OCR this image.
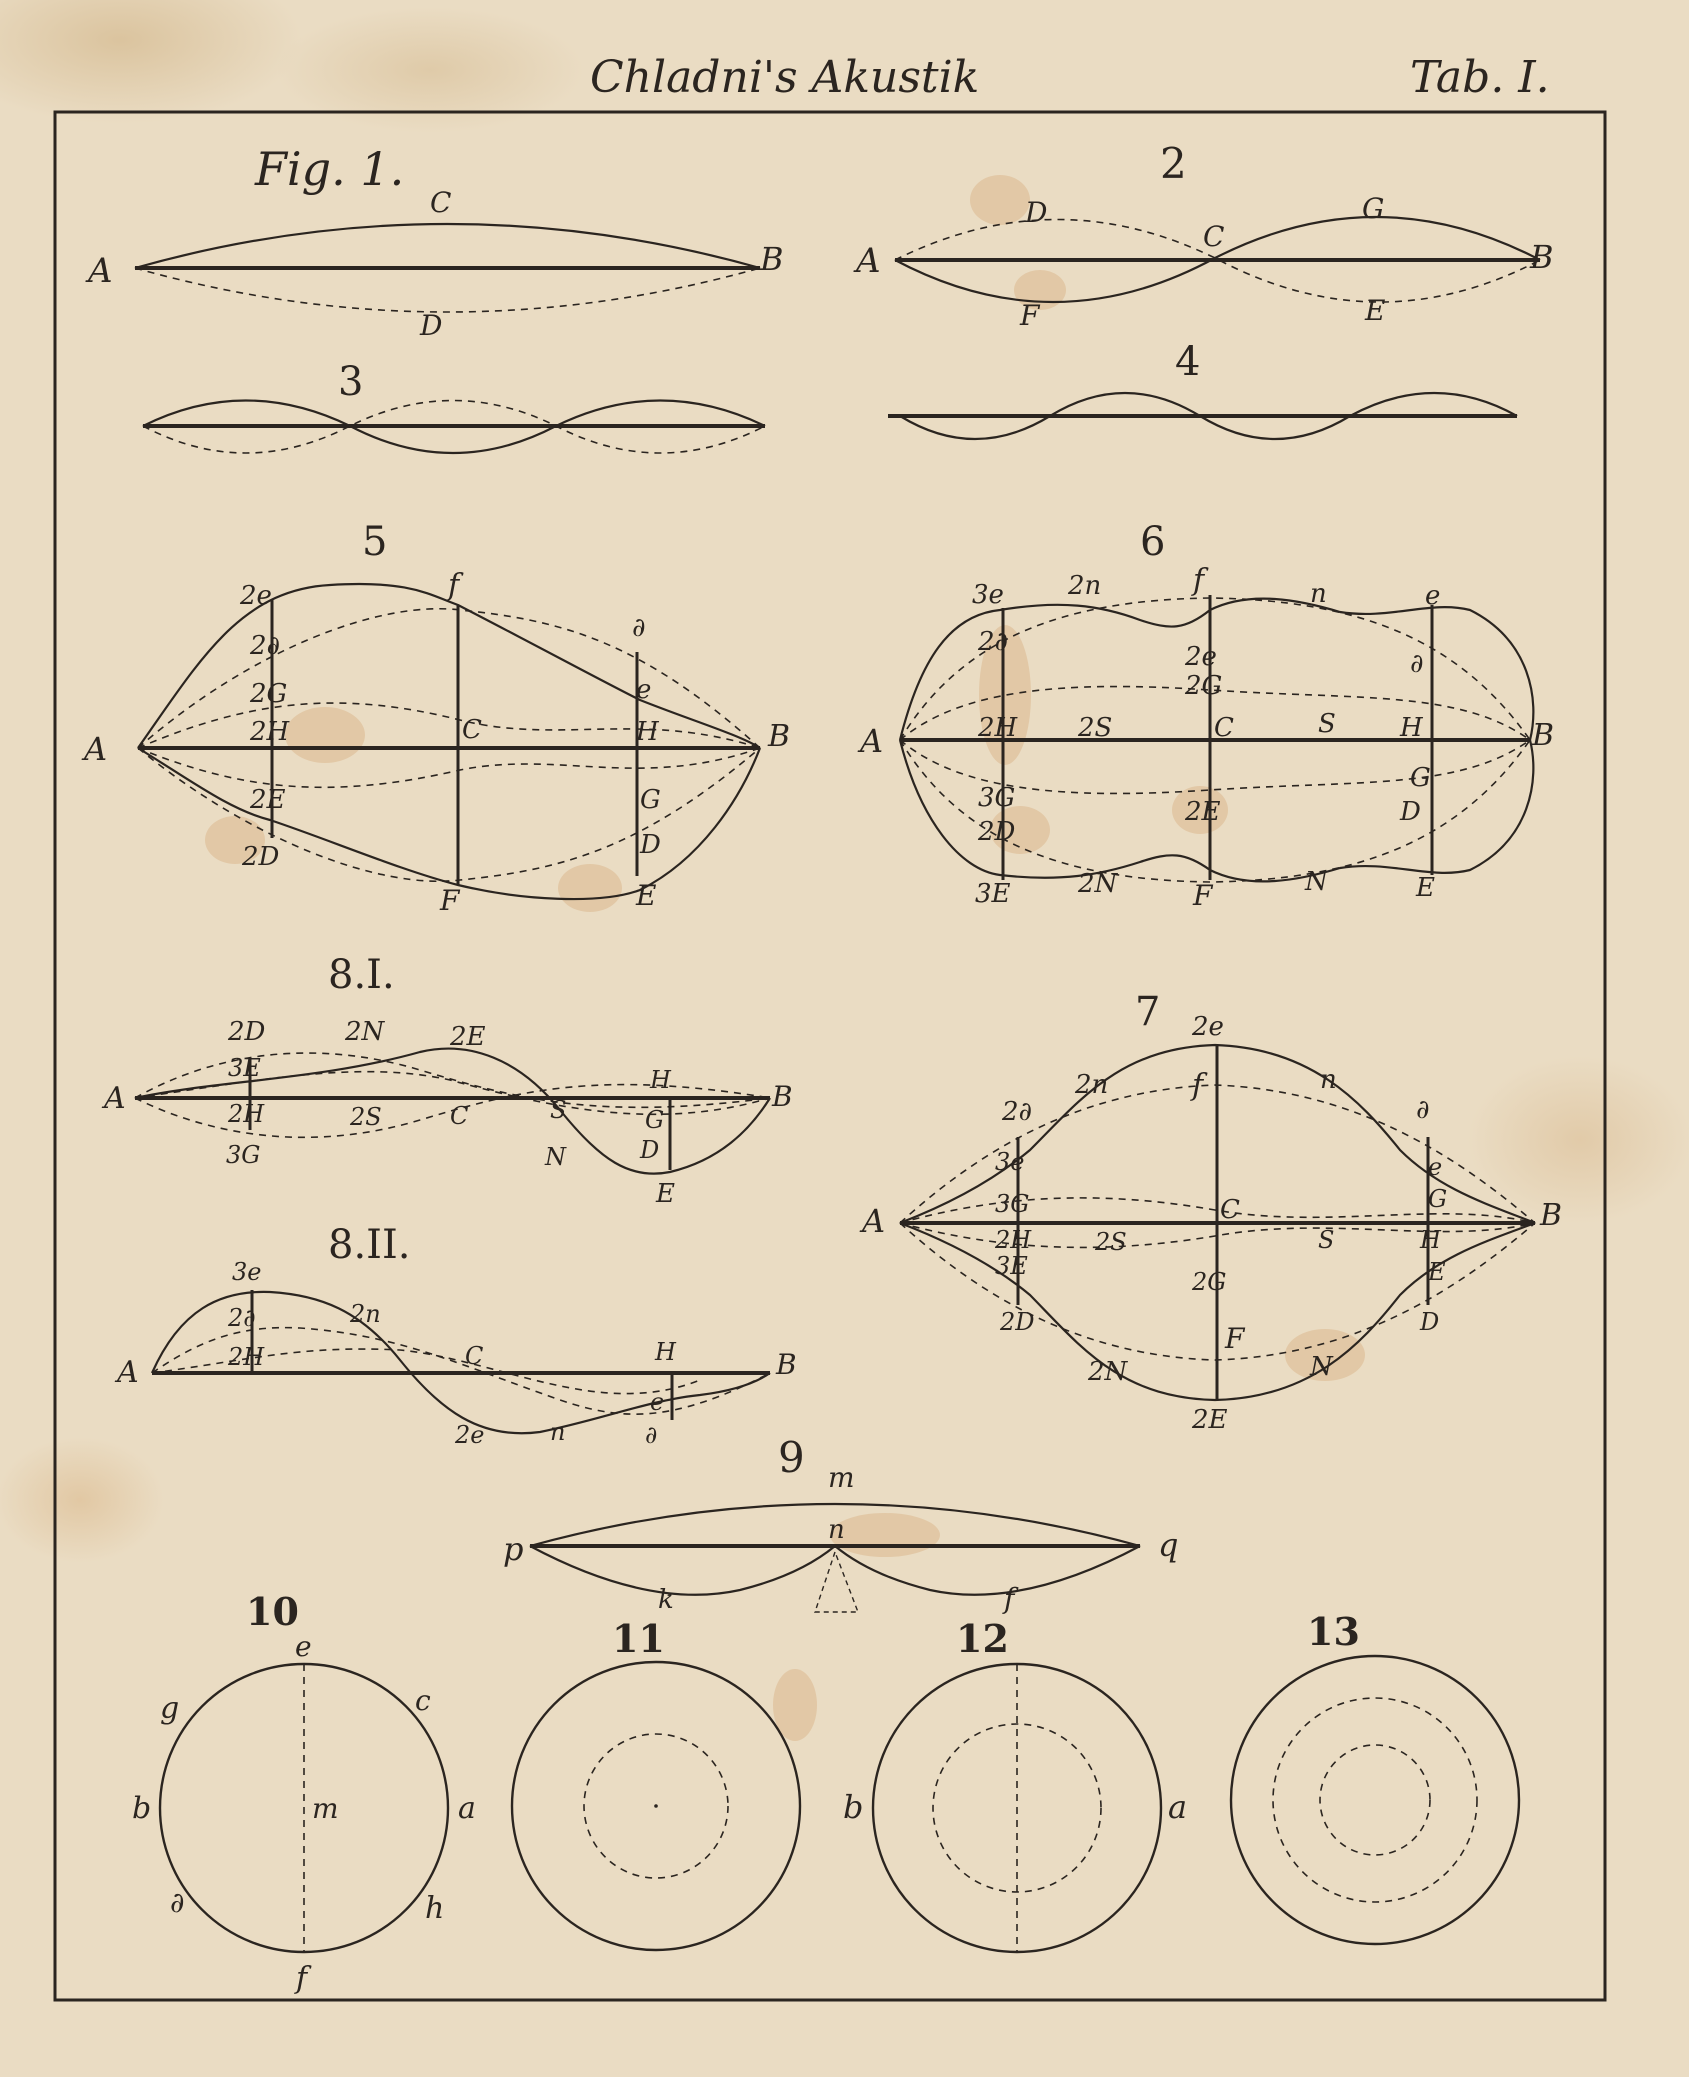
Chladni's Akustik	Tab. I.
Fig. 1.
A	B
C
D
2
A	B
C
D
E
F
G
3	4
5
A	B
C
f
F
2e
2∂
2G
2H
2E
2D
∂
e
H
G
D
E
6
A	B
C
f
F
3e 2n	n	e
2∂	2e
2G
∂
2H 2S	S H
3G
2D
2E
G
D
3E	2N	N	E
8.I.
A	B
C
2D	2N	2E
3E
2H	2S	S
3G	N
H
G
D
E
8.II.
A	B
C
3e
2∂	2n
2H	H
e
2e	n	∂
7
A	B
C
f
F
2e
2∂
2n	n
∂
3e
3G
2H	2S	S	H
e
G
3E
2G	E
2D	D
2N	N
2E
9 m
n
p	q
k	f
10
e
g	c
b	m	a
∂	h
f
11	12
b	a
13
